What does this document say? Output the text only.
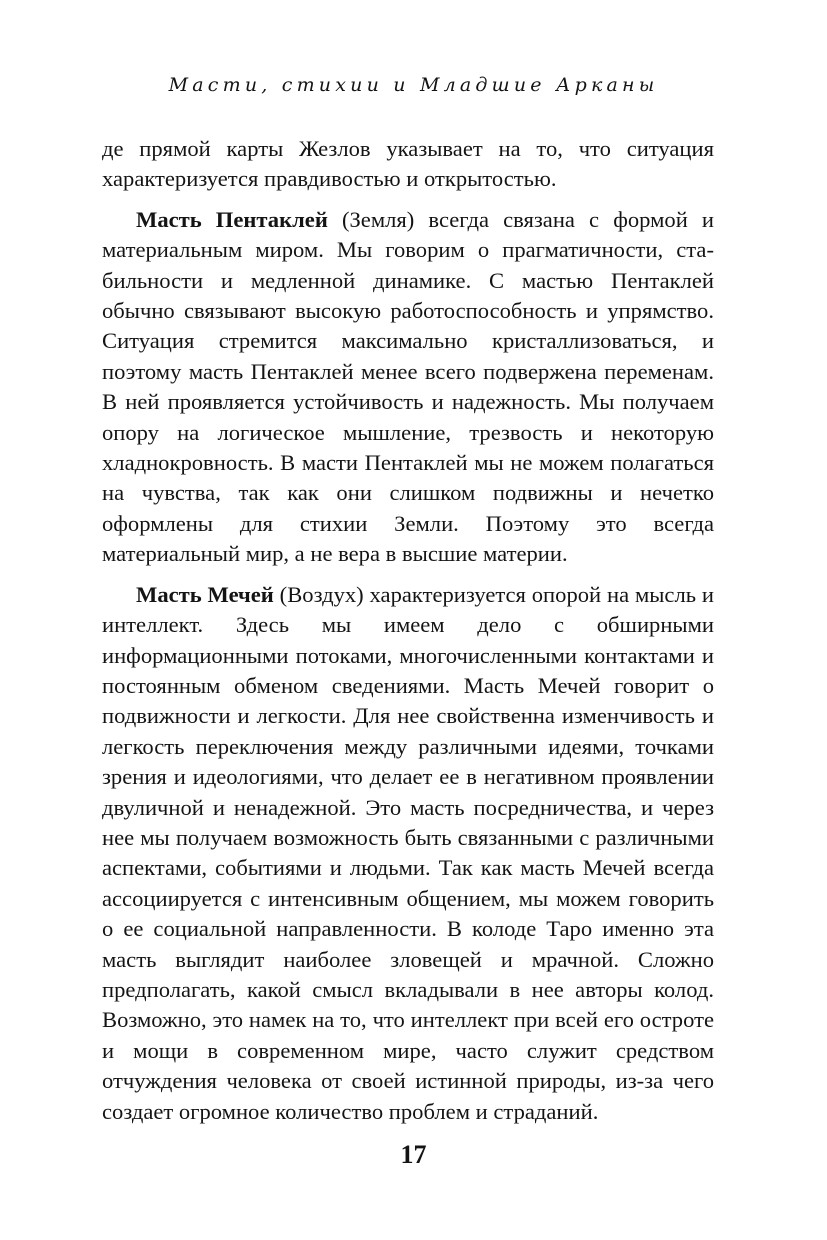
Масти, стихии и Младшие Арканы

де прямой карты Жезлов указывает на то, что ситуация характеризуется правдивостью и открытостью.

Масть Пентаклей (Земля) всегда связана с формой и материальным миром. Мы говорим о прагматичности, стабильности и медленной динамике. С мастью Пентаклей обычно связывают высокую работоспособность и упрямство. Ситуация стремится максимально кристаллизоваться, и поэтому масть Пентаклей менее всего подвержена переменам. В ней проявляется устойчивость и надежность. Мы получаем опору на логическое мышление, трезвость и некоторую хладнокровность. В масти Пентаклей мы не можем полагаться на чувства, так как они слишком подвижны и нечетко оформлены для стихии Земли. Поэтому это всегда материальный мир, а не вера в высшие материи.

Масть Мечей (Воздух) характеризуется опорой на мысль и интеллект. Здесь мы имеем дело с обширными информационными потоками, многочисленными контактами и постоянным обменом сведениями. Масть Мечей говорит о подвижности и легкости. Для нее свойственна изменчивость и легкость переключения между различными идеями, точками зрения и идеологиями, что делает ее в негативном проявлении двуличной и ненадежной. Это масть посредничества, и через нее мы получаем возможность быть связанными с различными аспектами, событиями и людьми. Так как масть Мечей всегда ассоциируется с интенсивным общением, мы можем говорить о ее социальной направленности. В колоде Таро именно эта масть выглядит наиболее зловещей и мрачной. Сложно предполагать, какой смысл вкладывали в нее авторы колод. Возможно, это намек на то, что интеллект при всей его остроте и мощи в современном мире, часто служит средством отчуждения человека от своей истинной природы, из-за чего создает огромное количество проблем и страданий.

17
